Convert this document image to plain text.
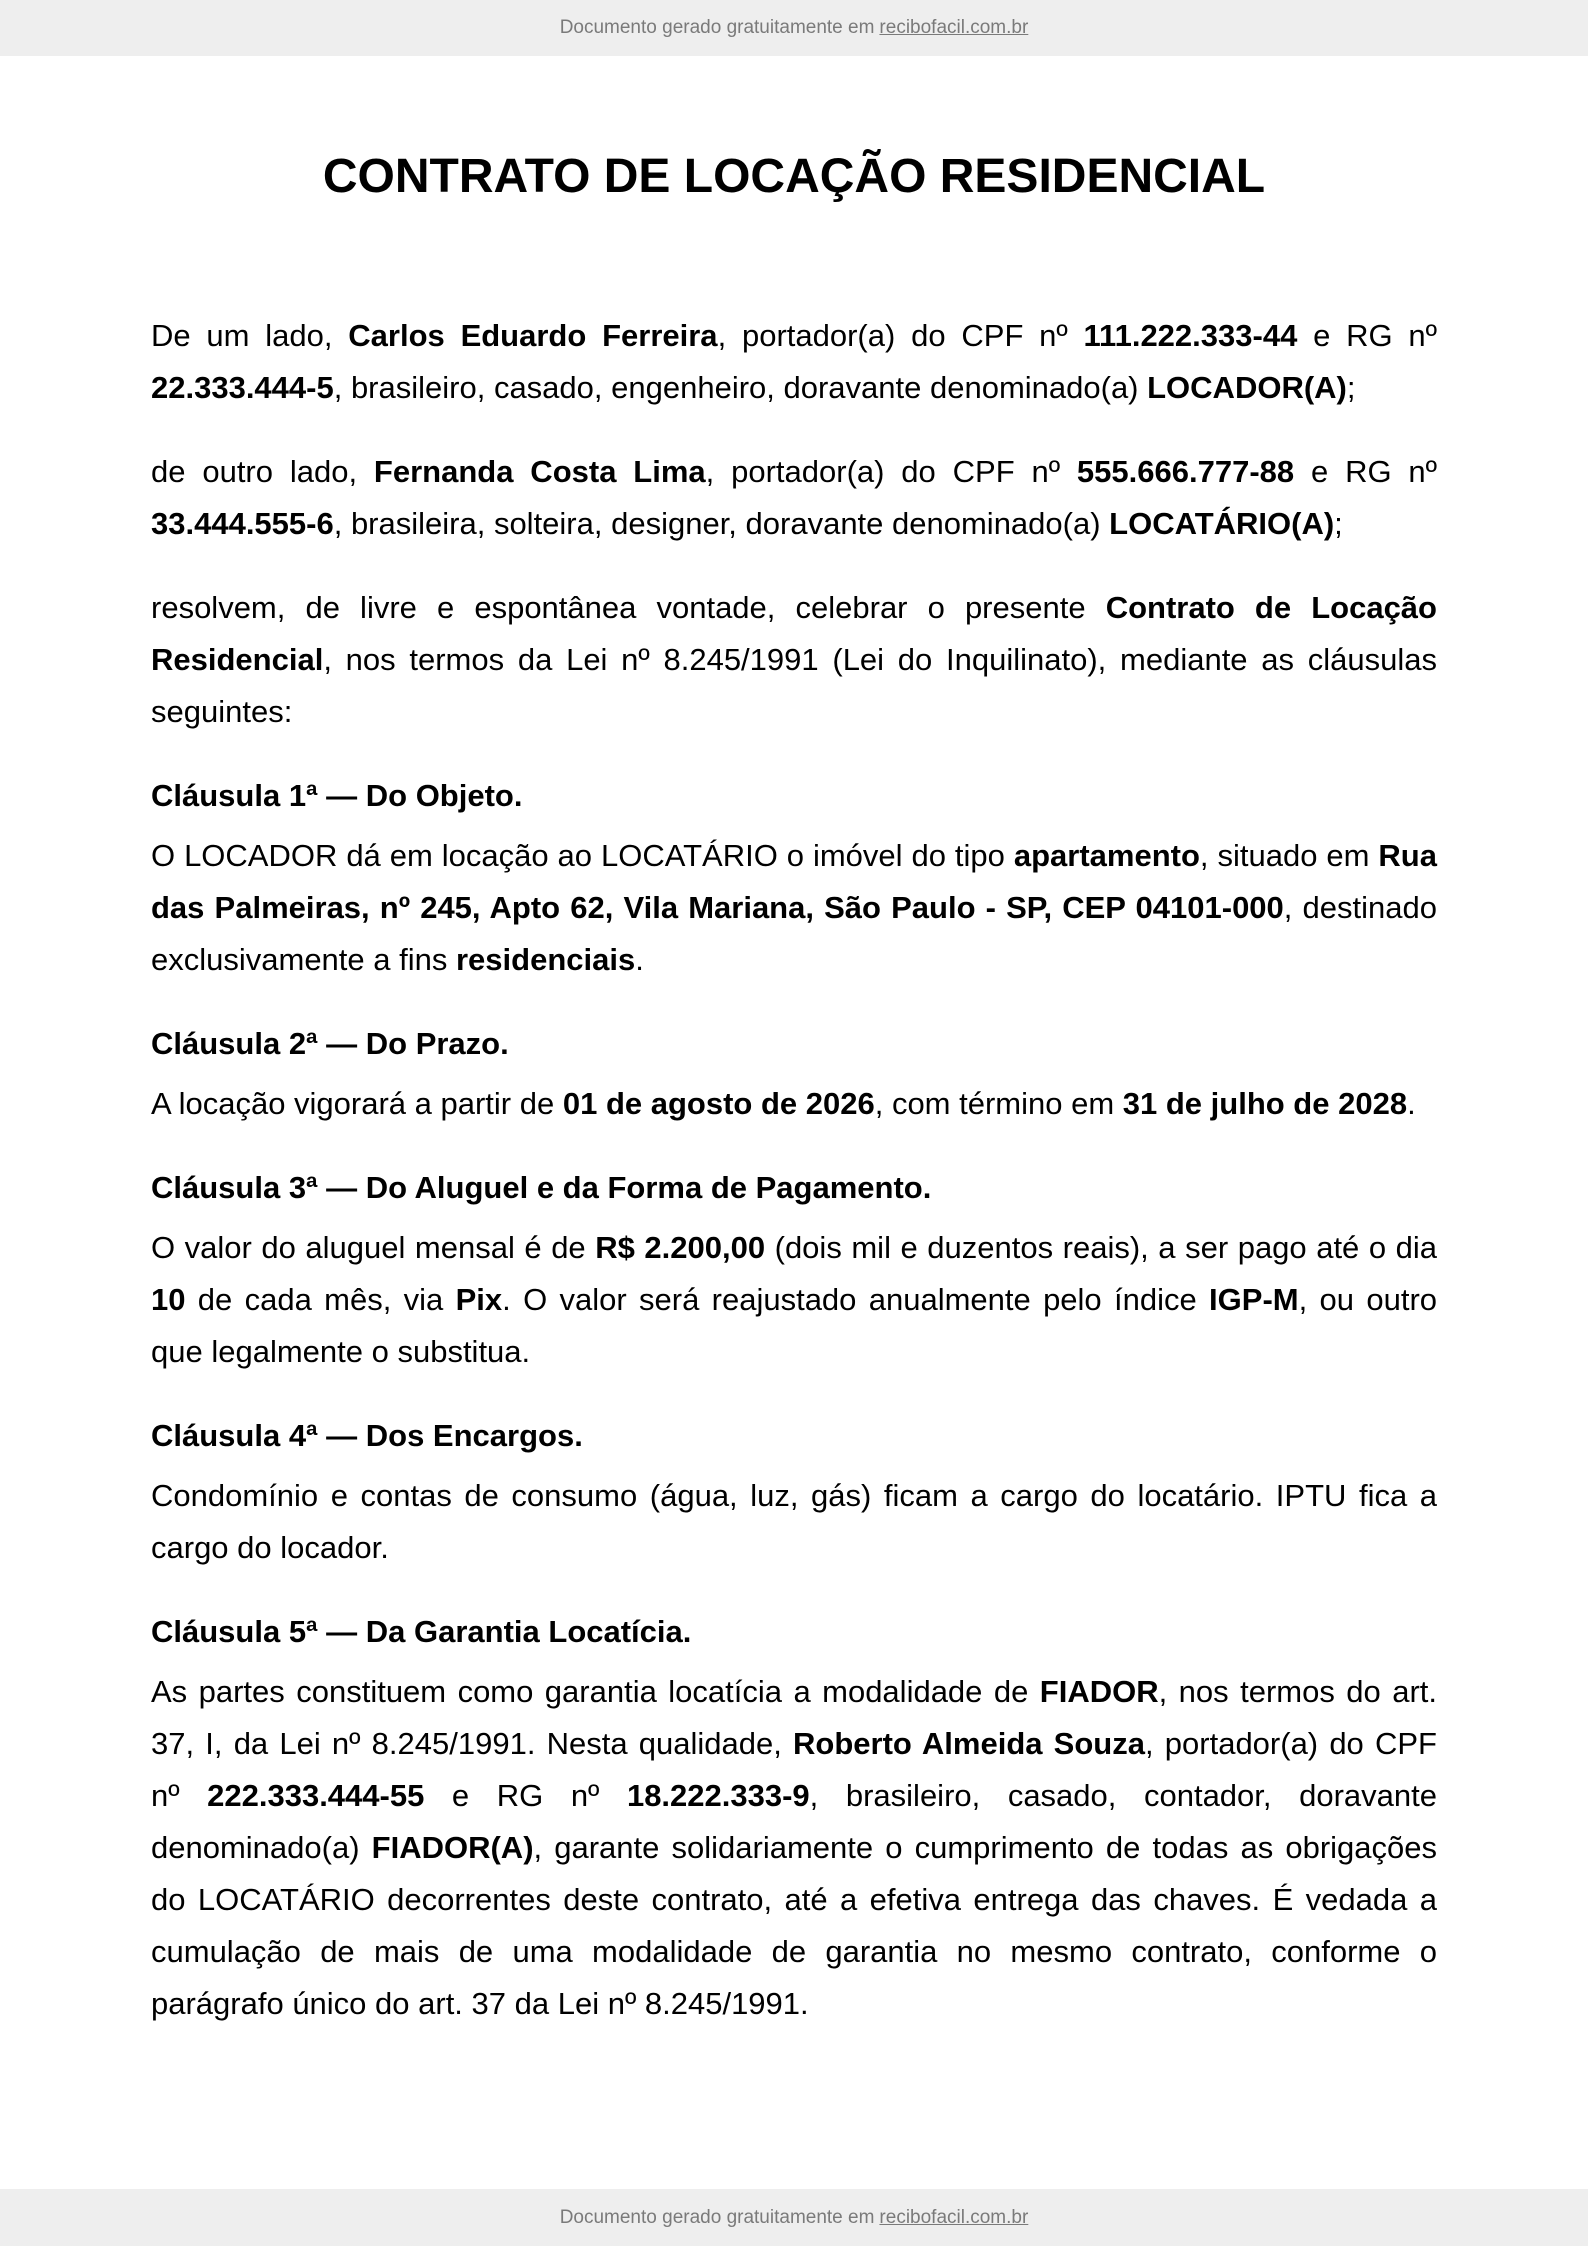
Documento gerado gratuitamente em recibofacil.com.br
CONTRATO DE LOCAÇÃO RESIDENCIAL

De um lado, Carlos Eduardo Ferreira, portador(a) do CPF nº 111.222.333-44 e RG nº 22.333.444-5, brasileiro, casado, engenheiro, doravante denominado(a) LOCADOR(A);

de outro lado, Fernanda Costa Lima, portador(a) do CPF nº 555.666.777-88 e RG nº 33.444.555-6, brasileira, solteira, designer, doravante denominado(a) LOCATÁRIO(A);

resolvem, de livre e espontânea vontade, celebrar o presente Contrato de Locação Residencial, nos termos da Lei nº 8.245/1991 (Lei do Inquilinato), mediante as cláusulas seguintes:

Cláusula 1ª — Do Objeto.

O LOCADOR dá em locação ao LOCATÁRIO o imóvel do tipo apartamento, situado em Rua das Palmeiras, nº 245, Apto 62, Vila Mariana, São Paulo - SP, CEP 04101-000, destinado exclusivamente a fins residenciais.

Cláusula 2ª — Do Prazo.

A locação vigorará a partir de 01 de agosto de 2026, com término em 31 de julho de 2028.

Cláusula 3ª — Do Aluguel e da Forma de Pagamento.

O valor do aluguel mensal é de R$ 2.200,00 (dois mil e duzentos reais), a ser pago até o dia 10 de cada mês, via Pix. O valor será reajustado anualmente pelo índice IGP-M, ou outro que legalmente o substitua.

Cláusula 4ª — Dos Encargos.

Condomínio e contas de consumo (água, luz, gás) ficam a cargo do locatário. IPTU fica a cargo do locador.

Cláusula 5ª — Da Garantia Locatícia.

As partes constituem como garantia locatícia a modalidade de FIADOR, nos termos do art. 37, I, da Lei nº 8.245/1991. Nesta qualidade, Roberto Almeida Souza, portador(a) do CPF nº 222.333.444-55 e RG nº 18.222.333-9, brasileiro, casado, contador, doravante denominado(a) FIADOR(A), garante solidariamente o cumprimento de todas as obrigações do LOCATÁRIO decorrentes deste contrato, até a efetiva entrega das chaves. É vedada a cumulação de mais de uma modalidade de garantia no mesmo contrato, conforme o parágrafo único do art. 37 da Lei nº 8.245/1991.

Documento gerado gratuitamente em recibofacil.com.br
